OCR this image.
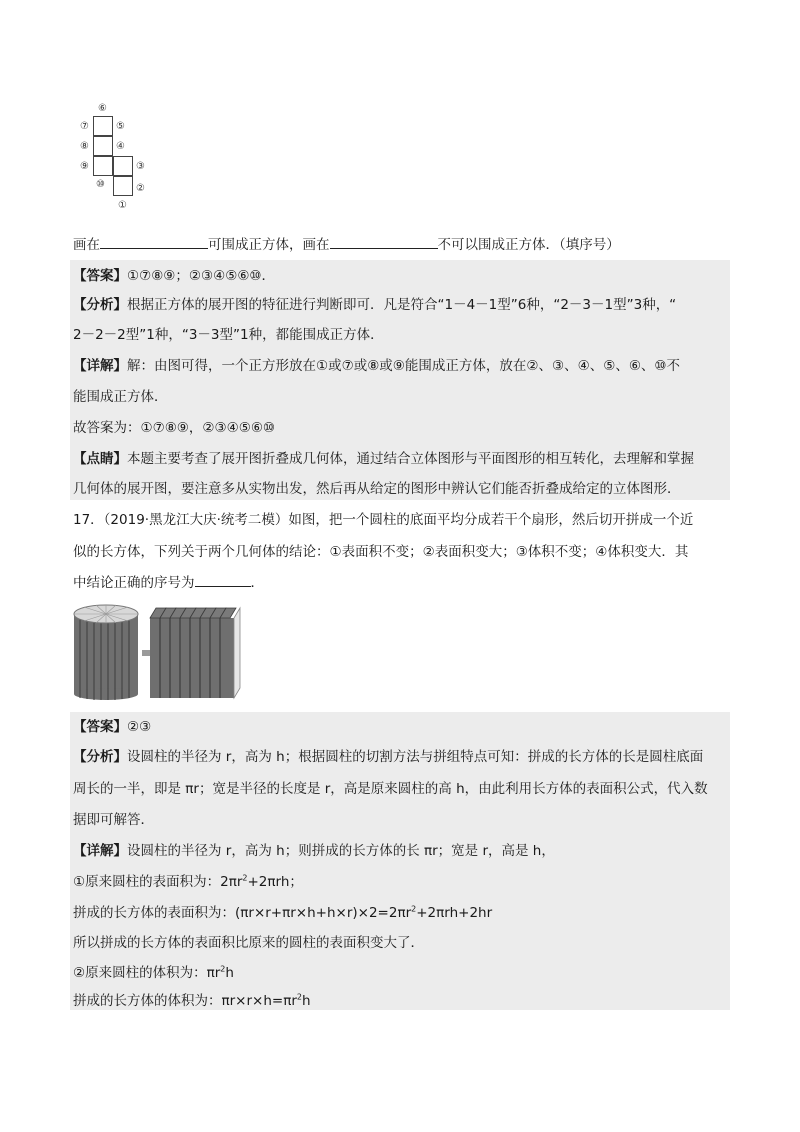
⑥
⑦	⑤
⑧	④
⑨	③
⑩	②
①
画在	可围成正方体，画在	不可以围成正方体．（填序号）
【答案】①⑦⑧⑨；②③④⑤⑥⑩．
【分析】根据正方体的展开图的特征进行判断即可．凡是符合“1－4－1型”6种，“2－3－1型”3种，“
2－2－2型”1种，“3－3型”1种，都能围成正方体．
【详解】解：由图可得，一个正方形放在①或⑦或⑧或⑨能围成正方体，放在②、③、④、⑤、⑥、⑩不
能围成正方体．
故答案为：①⑦⑧⑨，②③④⑤⑥⑩
【点睛】本题主要考查了展开图折叠成几何体，通过结合立体图形与平面图形的相互转化，去理解和掌握
几何体的展开图，要注意多从实物出发，然后再从给定的图形中辨认它们能否折叠成给定的立体图形．
17．（2019·黑龙江大庆·统考二模）如图，把一个圆柱的底面平均分成若干个扇形，然后切开拼成一个近
似的长方体，下列关于两个几何体的结论：①表面积不变；②表面积变大；③体积不变；④体积变大．其
中结论正确的序号为	．
【答案】②③
【分析】设圆柱的半径为 r，高为 h；根据圆柱的切割方法与拼组特点可知：拼成的长方体的长是圆柱底面
周长的一半，即是 πr；宽是半径的长度是 r，高是原来圆柱的高 h，由此利用长方体的表面积公式，代入数
据即可解答．
【详解】设圆柱的半径为 r，高为 h；则拼成的长方体的长 πr；宽是 r，高是 h，
①原来圆柱的表面积为：$2\pi r^2+2\pi rh$；
拼成的长方体的表面积为：$(\pi r\times r+\pi r\times h+h\times r)\times 2=2\pi r^2+2\pi rh+2hr$
所以拼成的长方体的表面积比原来的圆柱的表面积变大了．
②原来圆柱的体积为：$\pi r^2h$
拼成的长方体的体积为：$\pi r\times r\times h=\pi r^2h$
